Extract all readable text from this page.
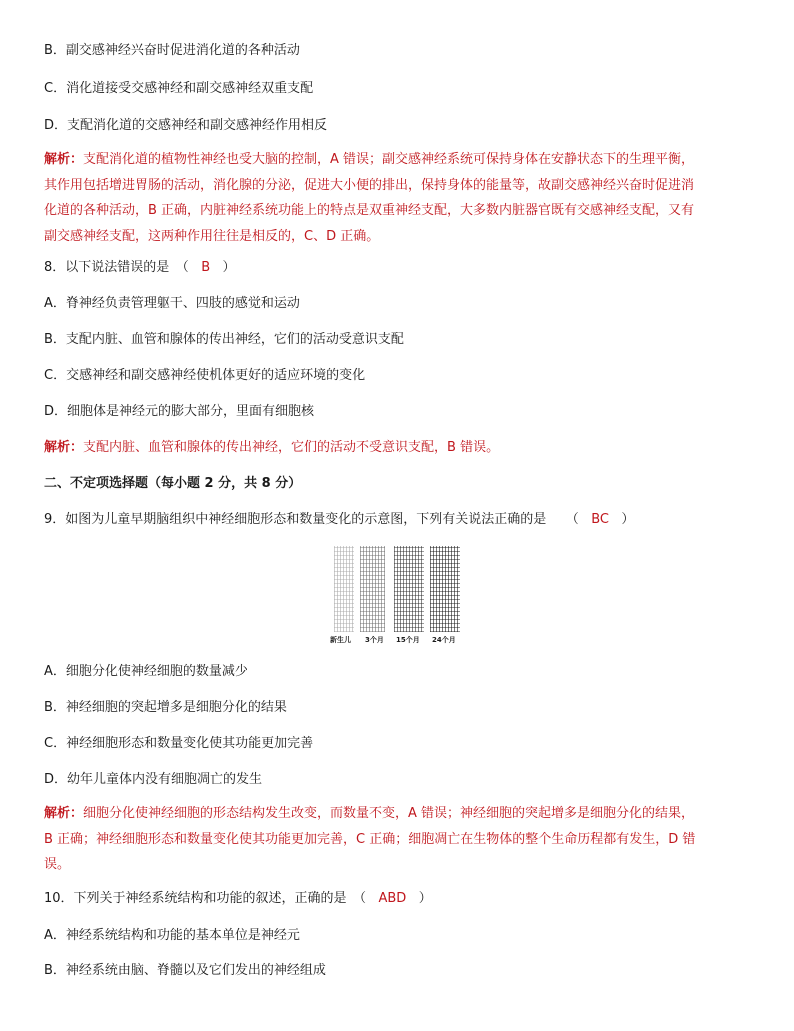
B．副交感神经兴奋时促进消化道的各种活动
C．消化道接受交感神经和副交感神经双重支配
D．支配消化道的交感神经和副交感神经作用相反
解析：支配消化道的植物性神经也受大脑的控制，A 错误；副交感神经系统可保持身体在安静状态下的生理平衡，
其作用包括增进胃肠的活动，消化腺的分泌，促进大小便的排出，保持身体的能量等，故副交感神经兴奋时促进消
化道的各种活动，B 正确，内脏神经系统功能上的特点是双重神经支配，大多数内脏器官既有交感神经支配，又有
副交感神经支配，这两种作用往往是相反的，C、D 正确。
8．以下说法错误的是　（ B ）
A．脊神经负责管理躯干、四肢的感觉和运动
B．支配内脏、血管和腺体的传出神经，它们的活动受意识支配
C．交感神经和副交感神经使机体更好的适应环境的变化
D．细胞体是神经元的膨大部分，里面有细胞核
解析：支配内脏、血管和腺体的传出神经，它们的活动不受意识支配，B 错误。
二、不定项选择题（每小题 2 分，共 8 分）
9．如图为儿童早期脑组织中神经细胞形态和数量变化的示意图，下列有关说法正确的是　　（ BC ）
新生儿 3个月 15个月 24个月
A．细胞分化使神经细胞的数量减少
B．神经细胞的突起增多是细胞分化的结果
C．神经细胞形态和数量变化使其功能更加完善
D．幼年儿童体内没有细胞凋亡的发生
解析：细胞分化使神经细胞的形态结构发生改变，而数量不变，A 错误；神经细胞的突起增多是细胞分化的结果，
B 正确；神经细胞形态和数量变化使其功能更加完善，C 正确；细胞凋亡在生物体的整个生命历程都有发生，D 错
误。
10．下列关于神经系统结构和功能的叙述，正确的是　（ ABD ）
A．神经系统结构和功能的基本单位是神经元
B．神经系统由脑、脊髓以及它们发出的神经组成
